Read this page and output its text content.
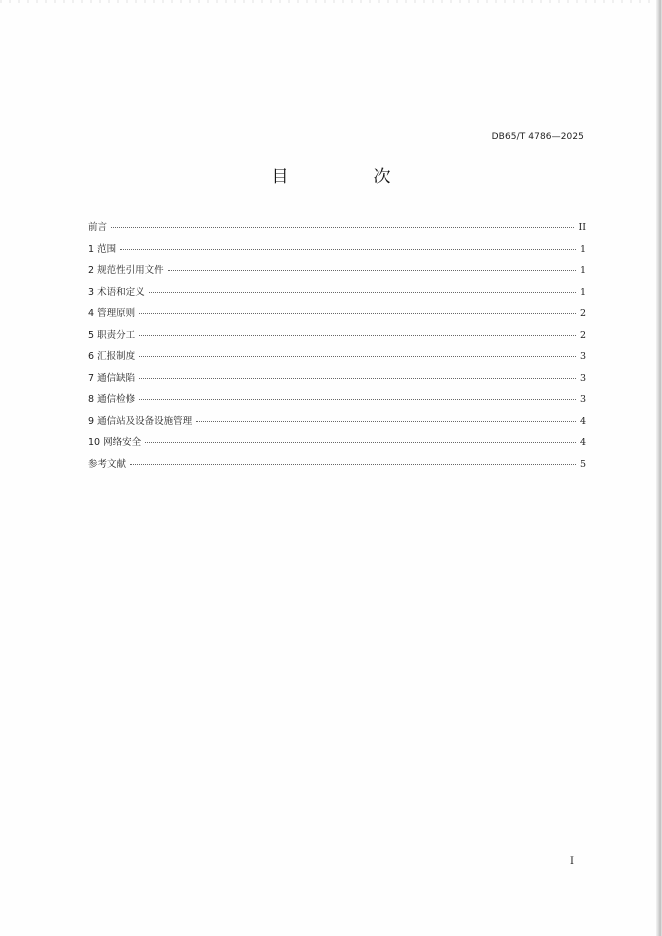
DB65/T 4786—2025
目　次
前言	II
1 范围	1
2 规范性引用文件	1
3 术语和定义	1
4 管理原则	2
5 职责分工	2
6 汇报制度	3
7 通信缺陷	3
8 通信检修	3
9 通信站及设备设施管理	4
10 网络安全	4
参考文献	5
I
